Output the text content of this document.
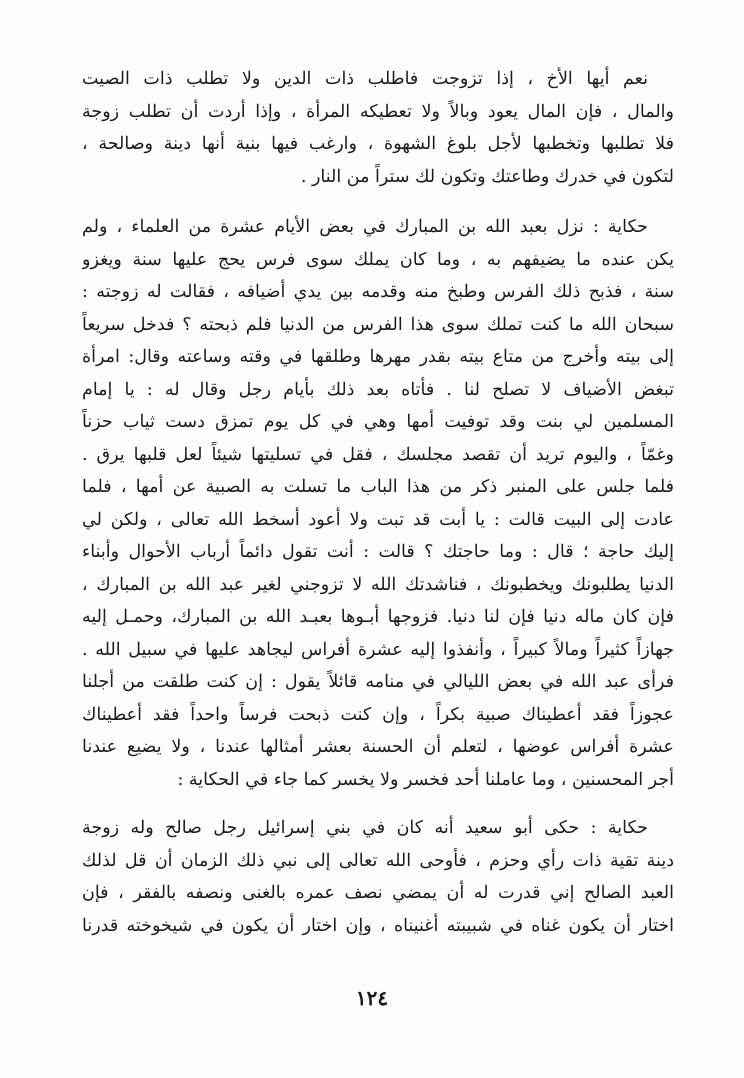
نعم أيها الأخ ، إذا تزوجت فاطلب ذات الدين ولا تطلب ذات الصيت
والمال ، فإن المال يعود وبالاً ولا تعطيكه المرأة ، وإذا أردت أن تطلب زوجة
فلا تطلبها وتخطبها لأجل بلوغ الشهوة ، وارغب فيها بنية أنها دينة وصالحة ،
لتكون في خدرك وطاعتك وتكون لك ستراً من النار .
حكاية : نزل بعبد الله بن المبارك في بعض الأيام عشرة من العلماء ، ولم
يكن عنده ما يضيفهم به ، وما كان يملك سوى فرس يحج عليها سنة ويغزو
سنة ، فذبح ذلك الفرس وطبخ منه وقدمه بين يدي أضيافه ، فقالت له زوجته :
سبحان الله ما كنت تملك سوى هذا الفرس من الدنيا فلم ذبحته ؟ فدخل سريعاً
إلى بيته وأخرج من متاع بيته بقدر مهرها وطلقها في وقته وساعته وقال: امرأة
تبغض الأضياف لا تصلح لنا . فأتاه بعد ذلك بأيام رجل وقال له : يا إمام
المسلمين لي بنت وقد توفيت أمها وهي في كل يوم تمزق دست ثياب حزناً
وغمّاً ، واليوم تريد أن تقصد مجلسك ، فقل في تسليتها شيئاً لعل قلبها يرق .
فلما جلس على المنبر ذكر من هذا الباب ما تسلت به الصبية عن أمها ، فلما
عادت إلى البيت قالت : يا أبت قد تبت ولا أعود أسخط الله تعالى ، ولكن لي
إليك حاجة ؛ قال : وما حاجتك ؟ قالت : أنت تقول دائماً أرباب الأحوال وأبناء
الدنيا يطلبونك ويخطبونك ، فناشدتك الله لا تزوجني لغير عبد الله بن المبارك ،
فإن كان ماله دنيا فإن لنا دنيا. فزوجها أبـوها بعبـد الله بن المبارك، وحمـل إليه
جهازاً كثيراً ومالاً كبيراً ، وأنفذوا إليه عشرة أفراس ليجاهد عليها في سبيل الله .
فرأى عبد الله في بعض الليالي في منامه قائلاً يقول : إن كنت طلقت من أجلنا
عجوزاً فقد أعطيناك صبية بكراً ، وإن كنت ذبحت فرساً واحداً فقد أعطيناك
عشرة أفراس عوضها ، لتعلم أن الحسنة بعشر أمثالها عندنا ، ولا يضيع عندنا
أجر المحسنين ، وما عاملنا أحد فخسر ولا يخسر كما جاء في الحكاية :
حكاية : حكى أبو سعيد أنه كان في بني إسرائيل رجل صالح وله زوجة
دينة تقية ذات رأي وحزم ، فأوحى الله تعالى إلى نبي ذلك الزمان أن قل لذلك
العبد الصالح إني قدرت له أن يمضي نصف عمره بالغنى ونصفه بالفقر ، فإن
اختار أن يكون غناه في شبيبته أغنيناه ، وإن اختار أن يكون في شيخوخته قدرنا
١٢٤
